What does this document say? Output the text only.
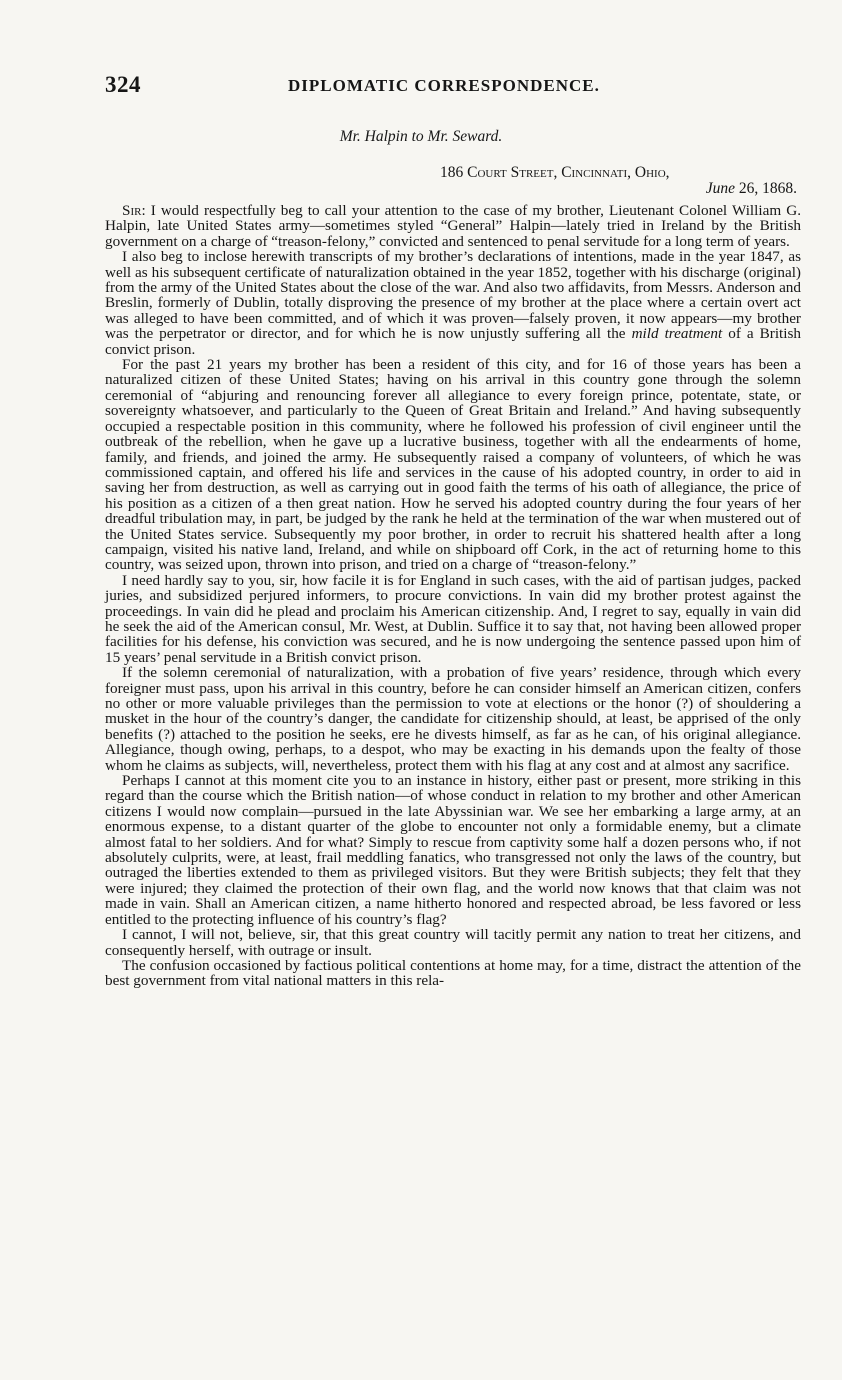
324	DIPLOMATIC CORRESPONDENCE.
Mr. Halpin to Mr. Seward.
186 Court Street, Cincinnati, Ohio,
June 26, 1868.

Sir: I would respectfully beg to call your attention to the case of my brother, Lieutenant Colonel William G. Halpin, late United States army—sometimes styled “General” Halpin—lately tried in Ireland by the British government on a charge of “treason-felony,” convicted and sentenced to penal servitude for a long term of years.

I also beg to inclose herewith transcripts of my brother’s declarations of intentions, made in the year 1847, as well as his subsequent certificate of naturalization obtained in the year 1852, together with his discharge (original) from the army of the United States about the close of the war. And also two affidavits, from Messrs. Anderson and Breslin, formerly of Dublin, totally disproving the presence of my brother at the place where a certain overt act was alleged to have been committed, and of which it was proven—falsely proven, it now appears—my brother was the perpetrator or director, and for which he is now unjustly suffering all the mild treatment of a British convict prison.

For the past 21 years my brother has been a resident of this city, and for 16 of those years has been a naturalized citizen of these United States; having on his arrival in this country gone through the solemn ceremonial of “abjuring and renouncing forever all allegiance to every foreign prince, potentate, state, or sovereignty whatsoever, and particularly to the Queen of Great Britain and Ireland.” And having subsequently occupied a respectable position in this community, where he followed his profession of civil engineer until the outbreak of the rebellion, when he gave up a lucrative business, together with all the endearments of home, family, and friends, and joined the army. He subsequently raised a company of volunteers, of which he was commissioned captain, and offered his life and services in the cause of his adopted country, in order to aid in saving her from destruction, as well as carrying out in good faith the terms of his oath of allegiance, the price of his position as a citizen of a then great nation. How he served his adopted country during the four years of her dreadful tribulation may, in part, be judged by the rank he held at the termination of the war when mustered out of the United States service. Subsequently my poor brother, in order to recruit his shattered health after a long campaign, visited his native land, Ireland, and while on shipboard off Cork, in the act of returning home to this country, was seized upon, thrown into prison, and tried on a charge of “treason-felony.”

I need hardly say to you, sir, how facile it is for England in such cases, with the aid of partisan judges, packed juries, and subsidized perjured informers, to procure convictions. In vain did my brother protest against the proceedings. In vain did he plead and proclaim his American citizenship. And, I regret to say, equally in vain did he seek the aid of the American consul, Mr. West, at Dublin. Suffice it to say that, not having been allowed proper facilities for his defense, his conviction was secured, and he is now undergoing the sentence passed upon him of 15 years’ penal servitude in a British convict prison.

If the solemn ceremonial of naturalization, with a probation of five years’ residence, through which every foreigner must pass, upon his arrival in this country, before he can consider himself an American citizen, confers no other or more valuable privileges than the permission to vote at elections or the honor (?) of shouldering a musket in the hour of the country’s danger, the candidate for citizenship should, at least, be apprised of the only benefits (?) attached to the position he seeks, ere he divests himself, as far as he can, of his original allegiance. Allegiance, though owing, perhaps, to a despot, who may be exacting in his demands upon the fealty of those whom he claims as subjects, will, nevertheless, protect them with his flag at any cost and at almost any sacrifice.

Perhaps I cannot at this moment cite you to an instance in history, either past or present, more striking in this regard than the course which the British nation—of whose conduct in relation to my brother and other American citizens I would now complain—pursued in the late Abyssinian war. We see her embarking a large army, at an enormous expense, to a distant quarter of the globe to encounter not only a formidable enemy, but a climate almost fatal to her soldiers. And for what? Simply to rescue from captivity some half a dozen persons who, if not absolutely culprits, were, at least, frail meddling fanatics, who transgressed not only the laws of the country, but outraged the liberties extended to them as privileged visitors. But they were British subjects; they felt that they were injured; they claimed the protection of their own flag, and the world now knows that that claim was not made in vain. Shall an American citizen, a name hitherto honored and respected abroad, be less favored or less entitled to the protecting influence of his country’s flag?

I cannot, I will not, believe, sir, that this great country will tacitly permit any nation to treat her citizens, and consequently herself, with outrage or insult.

The confusion occasioned by factious political contentions at home may, for a time, distract the attention of the best government from vital national matters in this rela-
